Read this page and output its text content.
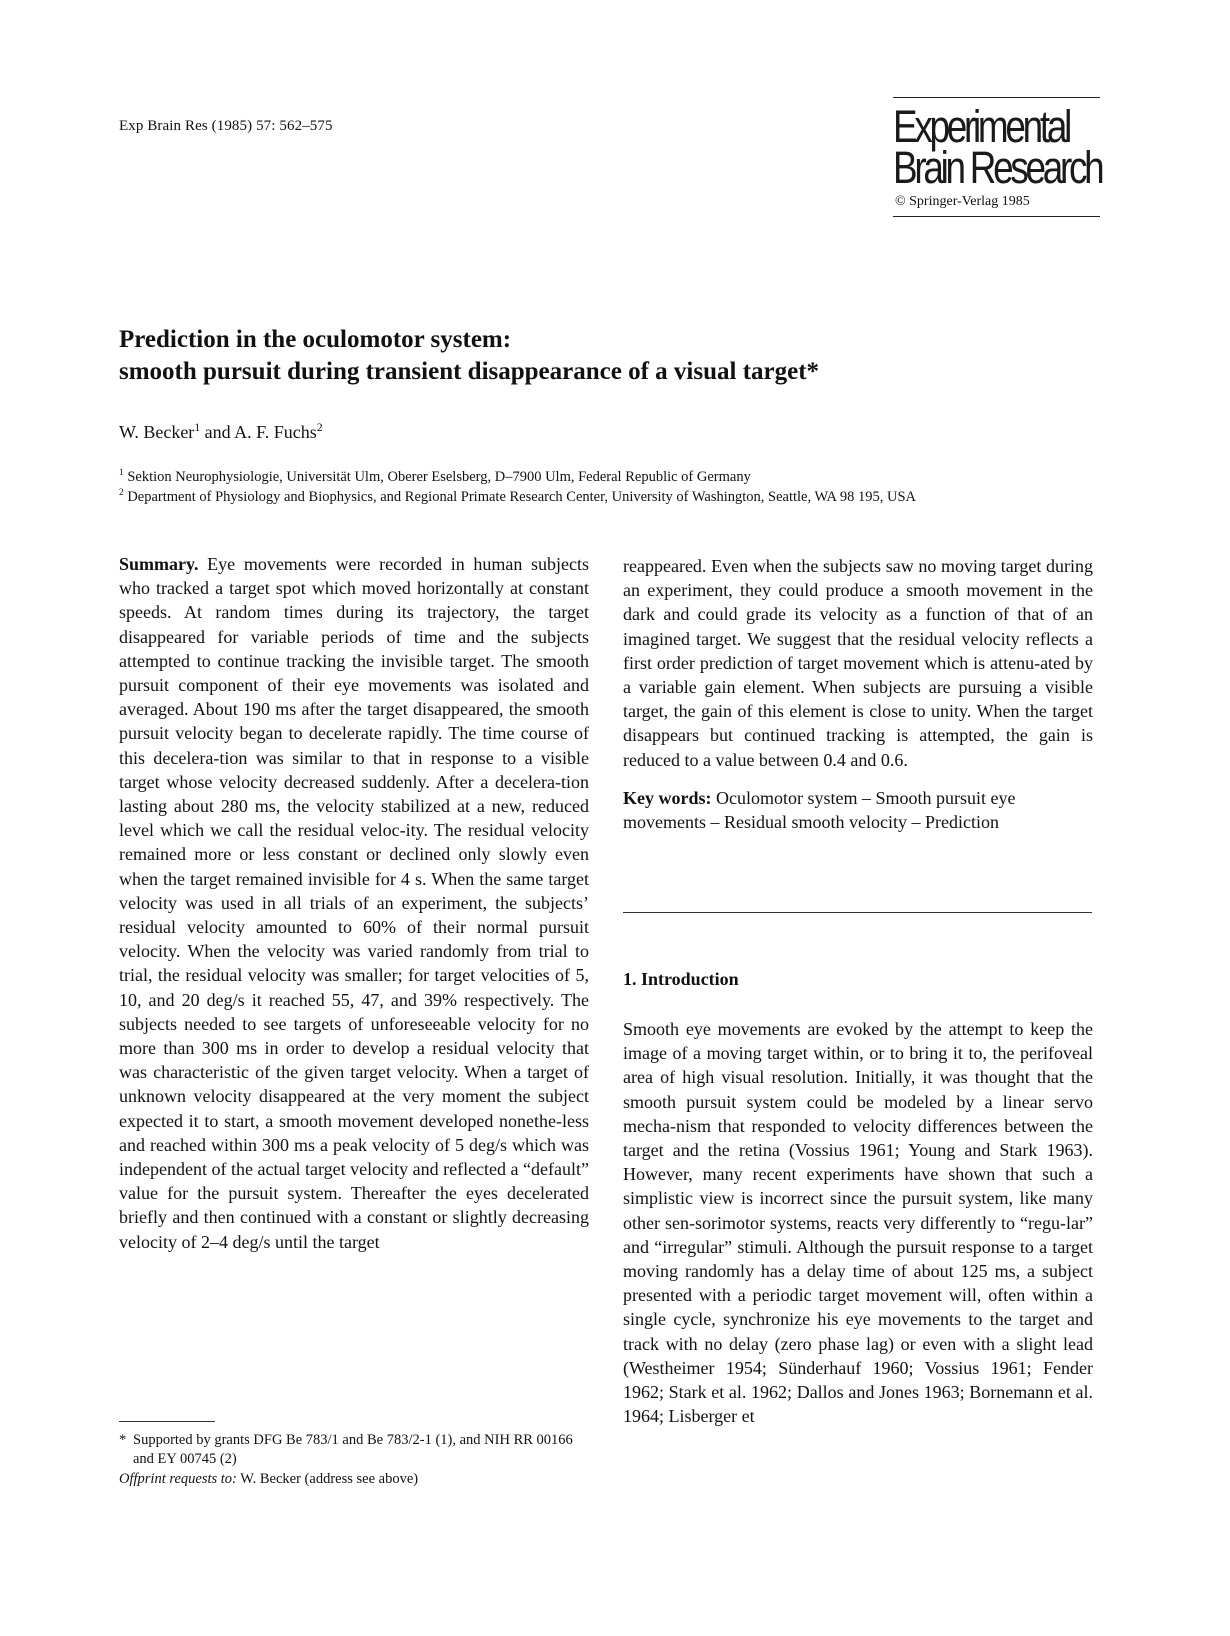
Exp Brain Res (1985) 57: 562–575	Experimental
Brain Research
© Springer-Verlag 1985
Prediction in the oculomotor system:
smooth pursuit during transient disappearance of a visual target*
W. Becker$^1$ and A. F. Fuchs$^2$
$^1$ Sektion Neurophysiologie, Universität Ulm, Oberer Eselsberg, D–7900 Ulm, Federal Republic of Germany
$^2$ Department of Physiology and Biophysics, and Regional Primate Research Center, University of Washington, Seattle, WA 98 195, USA

Summary. Eye movements were recorded in human subjects who tracked a target spot which moved horizontally at constant speeds. At random times during its trajectory, the target disappeared for variable periods of time and the subjects attempted to continue tracking the invisible target. The smooth pursuit component of their eye movements was isolated and averaged. About 190 ms after the target disappeared, the smooth pursuit velocity began to decelerate rapidly. The time course of this decelera-tion was similar to that in response to a visible target whose velocity decreased suddenly. After a decelera-tion lasting about 280 ms, the velocity stabilized at a new, reduced level which we call the residual veloc-ity. The residual velocity remained more or less constant or declined only slowly even when the target remained invisible for 4 s. When the same target velocity was used in all trials of an experiment, the subjects’ residual velocity amounted to 60% of their normal pursuit velocity. When the velocity was varied randomly from trial to trial, the residual velocity was smaller; for target velocities of 5, 10, and 20 deg/s it reached 55, 47, and 39% respectively. The subjects needed to see targets of unforeseeable velocity for no more than 300 ms in order to develop a residual velocity that was characteristic of the given target velocity. When a target of unknown velocity disappeared at the very moment the subject expected it to start, a smooth movement developed nonethe-less and reached within 300 ms a peak velocity of 5 deg/s which was independent of the actual target velocity and reflected a “default” value for the pursuit system. Thereafter the eyes decelerated briefly and then continued with a constant or slightly decreasing velocity of 2–4 deg/s until the target

reappeared. Even when the subjects saw no moving target during an experiment, they could produce a smooth movement in the dark and could grade its velocity as a function of that of an imagined target. We suggest that the residual velocity reflects a first order prediction of target movement which is attenu-ated by a variable gain element. When subjects are pursuing a visible target, the gain of this element is close to unity. When the target disappears but continued tracking is attempted, the gain is reduced to a value between 0.4 and 0.6.

Key words: Oculomotor system – Smooth pursuit eye movements – Residual smooth velocity – Prediction

1. Introduction

Smooth eye movements are evoked by the attempt to keep the image of a moving target within, or to bring it to, the perifoveal area of high visual resolution. Initially, it was thought that the smooth pursuit system could be modeled by a linear servo mecha-nism that responded to velocity differences between the target and the retina (Vossius 1961; Young and Stark 1963). However, many recent experiments have shown that such a simplistic view is incorrect since the pursuit system, like many other sen-sorimotor systems, reacts very differently to “regu-lar” and “irregular” stimuli. Although the pursuit response to a target moving randomly has a delay time of about 125 ms, a subject presented with a periodic target movement will, often within a single cycle, synchronize his eye movements to the target and track with no delay (zero phase lag) or even with a slight lead (Westheimer 1954; Sünderhauf 1960; Vossius 1961; Fender 1962; Stark et al. 1962; Dallos and Jones 1963; Bornemann et al. 1964; Lisberger et

* Supported by grants DFG Be 783/1 and Be 783/2-1 (1), and NIH RR 00166 and EY 00745 (2)
Offprint requests to: W. Becker (address see above)
